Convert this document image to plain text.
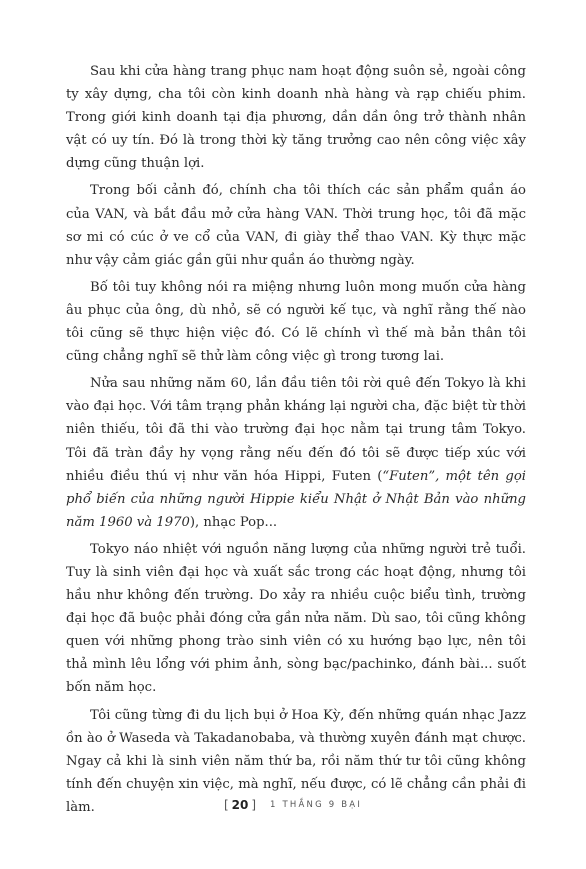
Sau khi cửa hàng trang phục nam hoạt động suôn sẻ, ngoài công ty xây dựng, cha tôi còn kinh doanh nhà hàng và rạp chiếu phim. Trong giới kinh doanh tại địa phương, dần dần ông trở thành nhân vật có uy tín. Đó là trong thời kỳ tăng trưởng cao nên công việc xây dựng cũng thuận lợi.

Trong bối cảnh đó, chính cha tôi thích các sản phẩm quần áo của VAN, và bắt đầu mở cửa hàng VAN. Thời trung học, tôi đã mặc sơ mi có cúc ở ve cổ của VAN, đi giày thể thao VAN. Kỳ thực mặc như vậy cảm giác gần gũi như quần áo thường ngày.

Bố tôi tuy không nói ra miệng nhưng luôn mong muốn cửa hàng âu phục của ông, dù nhỏ, sẽ có người kế tục, và nghĩ rằng thế nào tôi cũng sẽ thực hiện việc đó. Có lẽ chính vì thế mà bản thân tôi cũng chẳng nghĩ sẽ thử làm công việc gì trong tương lai.

Nửa sau những năm 60, lần đầu tiên tôi rời quê đến Tokyo là khi vào đại học. Với tâm trạng phản kháng lại người cha, đặc biệt từ thời niên thiếu, tôi đã thi vào trường đại học nằm tại trung tâm Tokyo. Tôi đã tràn đầy hy vọng rằng nếu đến đó tôi sẽ được tiếp xúc với nhiều điều thú vị như văn hóa Hippi, Futen (“Futen”, một tên gọi phổ biến của những người Hippie kiểu Nhật ở Nhật Bản vào những năm 1960 và 1970), nhạc Pop...

Tokyo náo nhiệt với nguồn năng lượng của những người trẻ tuổi. Tuy là sinh viên đại học và xuất sắc trong các hoạt động, nhưng tôi hầu như không đến trường. Do xảy ra nhiều cuộc biểu tình, trường đại học đã buộc phải đóng cửa gần nửa năm. Dù sao, tôi cũng không quen với những phong trào sinh viên có xu hướng bạo lực, nên tôi thả mình lêu lổng với phim ảnh, sòng bạc/pachinko, đánh bài... suốt bốn năm học.

Tôi cũng từng đi du lịch bụi ở Hoa Kỳ, đến những quán nhạc Jazz ồn ào ở Waseda và Takadanobaba, và thường xuyên đánh mạt chược. Ngay cả khi là sinh viên năm thứ ba, rồi năm thứ tư tôi cũng không tính đến chuyện xin việc, mà nghĩ, nếu được, có lẽ chẳng cần phải đi làm.	[ 20 ] 1 THẮNG 9 BẠI
